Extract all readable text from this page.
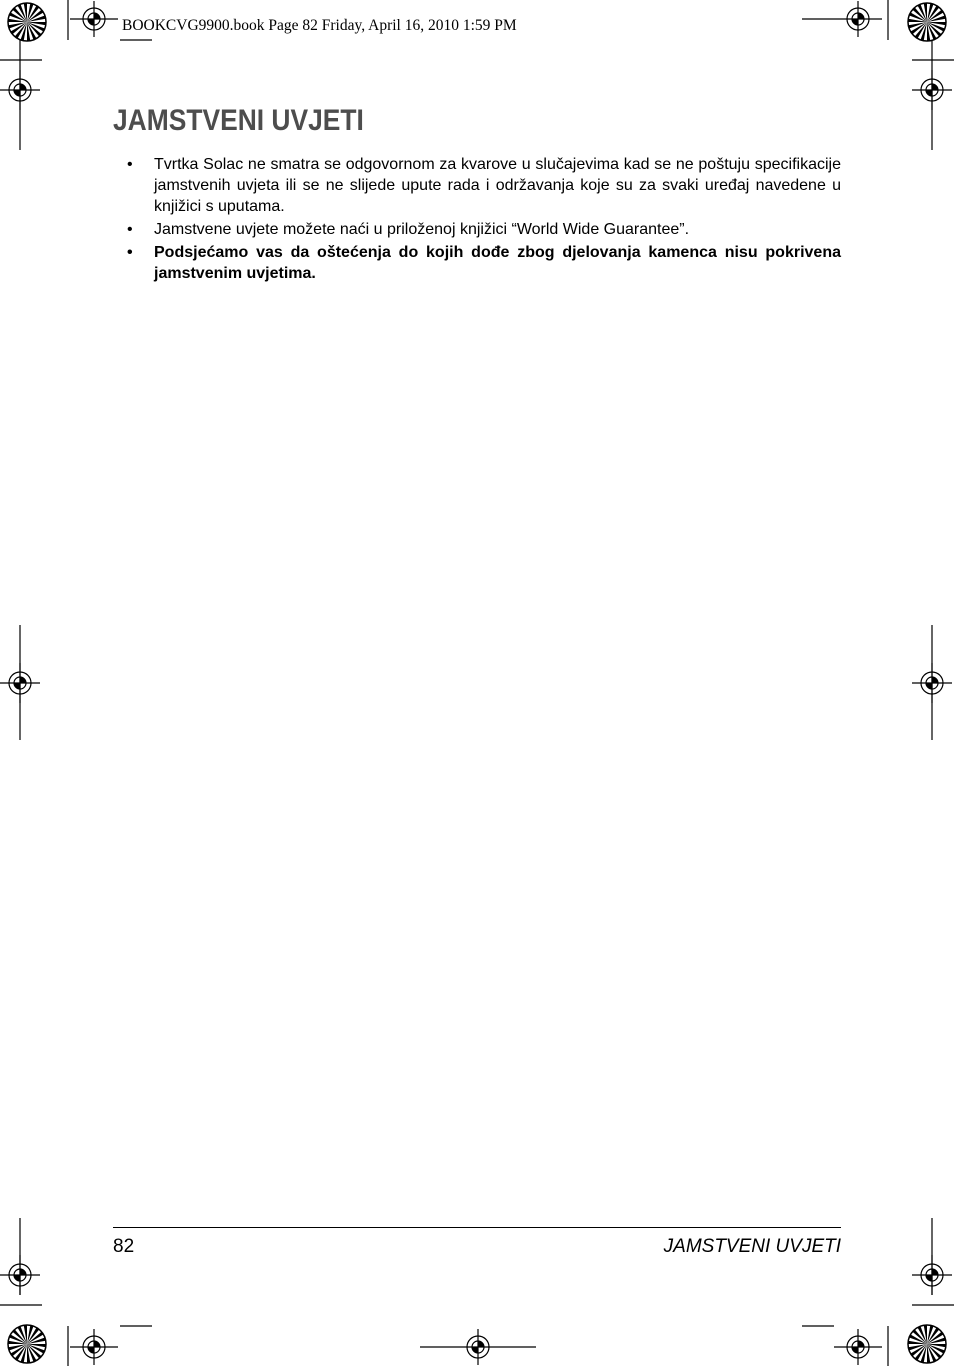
BOOKCVG9900.book Page 82 Friday, April 16, 2010 1:59 PM
JAMSTVENI UVJETI
• Tvrtka Solac ne smatra se odgovornom za kvarove u slučajevima kad se ne poštuju specifikacije jamstvenih uvjeta ili se ne slijede upute rada i održavanja koje su za svaki uređaj navedene u knjižici s uputama.
• Jamstvene uvjete možete naći u priloženoj knjižici “World Wide Guarantee”.
• Podsjećamo vas da oštećenja do kojih dođe zbog djelovanja kamenca nisu pokrivena jamstvenim uvjetima.
82	JAMSTVENI UVJETI
